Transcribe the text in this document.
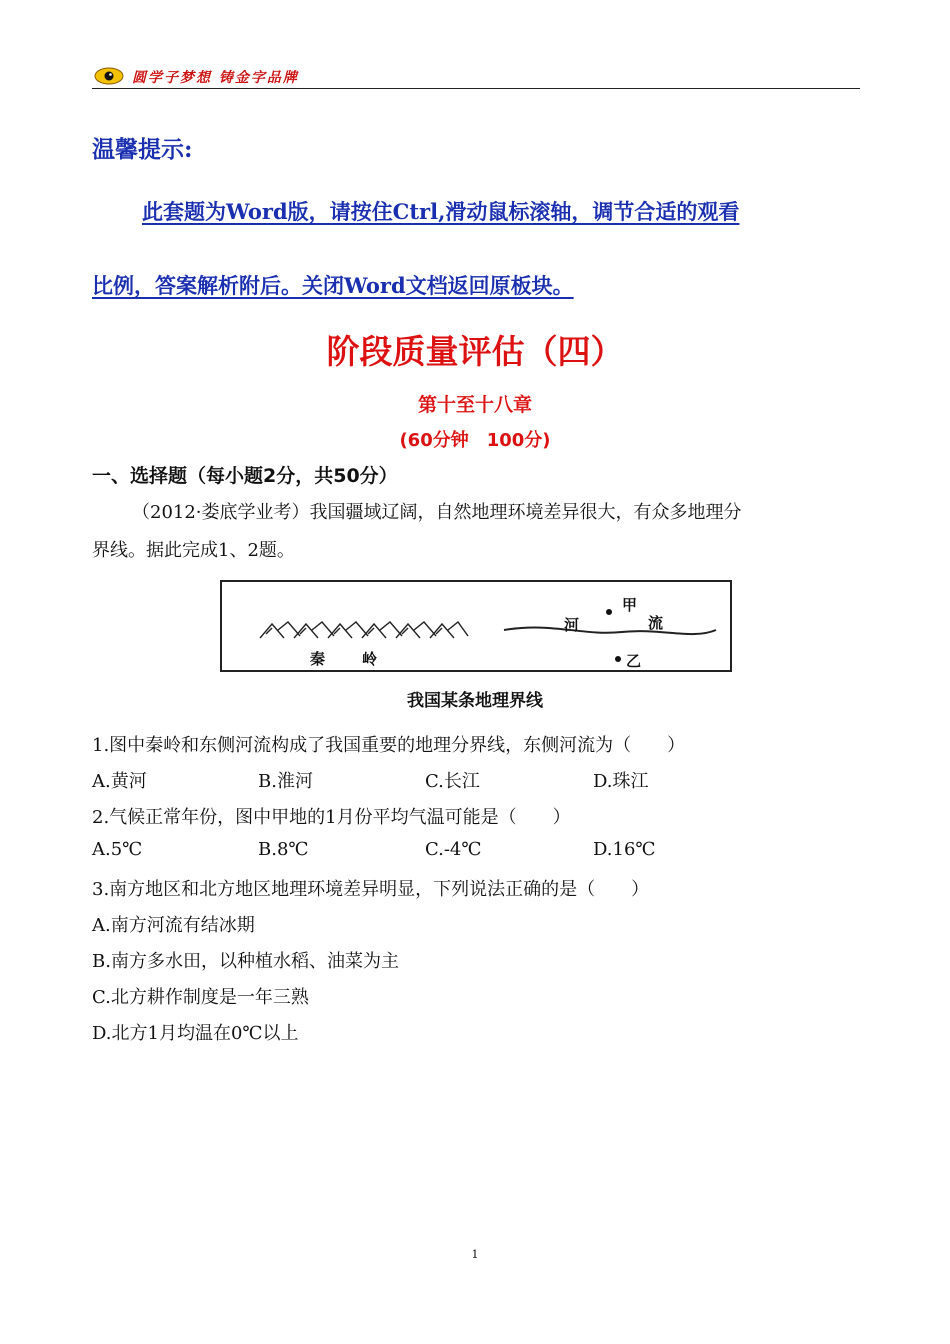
圆学子梦想 铸金字品牌
温馨提示:
此套题为Word版，请按住Ctrl,滑动鼠标滚轴，调节合适的观看
比例，答案解析附后。关闭Word文档返回原板块。
阶段质量评估（四）
第十至十八章
(60分钟　100分)
一、选择题（每小题2分，共50分）
（2012·娄底学业考）我国疆域辽阔，自然地理环境差异很大，有众多地理分
界线。据此完成1、2题。
秦 岭
河	流
甲
乙
我国某条地理界线
1.图中秦岭和东侧河流构成了我国重要的地理分界线，东侧河流为（　　）
A.黄河	B.淮河	C.长江	D.珠江
2.气候正常年份，图中甲地的1月份平均气温可能是（　　）
A.5℃	B.8℃	C.-4℃	D.16℃
3.南方地区和北方地区地理环境差异明显，下列说法正确的是（　　）
A.南方河流有结冰期
B.南方多水田，以种植水稻、油菜为主
C.北方耕作制度是一年三熟
D.北方1月均温在0℃以上
1
